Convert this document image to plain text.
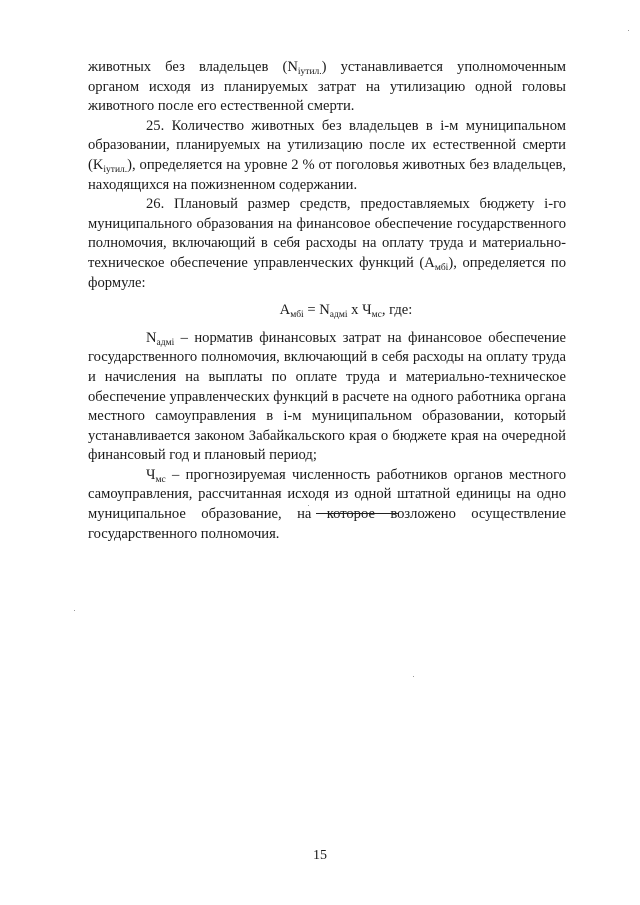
животных без владельцев $(N_{iутил.})$ устанавливается уполномоченным органом исходя из планируемых затрат на утилизацию одной головы животного после его естественной смерти.

25. Количество животных без владельцев в i-м муниципальном образовании, планируемых на утилизацию после их естественной смерти $(K_{iутил.})$, определяется на уровне 2 % от поголовья животных без владельцев, находящихся на пожизненном содержании.

26. Плановый размер средств, предоставляемых бюджету i-го муниципального образования на финансовое обеспечение государственного полномочия, включающий в себя расходы на оплату труда и материально-техническое обеспечение управленческих функций $(A_{мбi})$, определяется по формуле:

$A_{мбi} = N_{адмi}$ x $Ч_{мс}$, где:

$N_{адмi}$ – норматив финансовых затрат на финансовое обеспечение государственного полномочия, включающий в себя расходы на оплату труда и начисления на выплаты по оплате труда и материально-техническое обеспечение управленческих функций в расчете на одного работника органа местного самоуправления в i-м муниципальном образовании, который устанавливается законом Забайкальского края о бюджете края на очередной финансовый год и плановый период;

$Ч_{мс}$ – прогнозируемая численность работников органов местного самоуправления, рассчитанная исходя из одной штатной единицы на одно муниципальное образование, на которое возложено осуществление государственного полномочия.

15
